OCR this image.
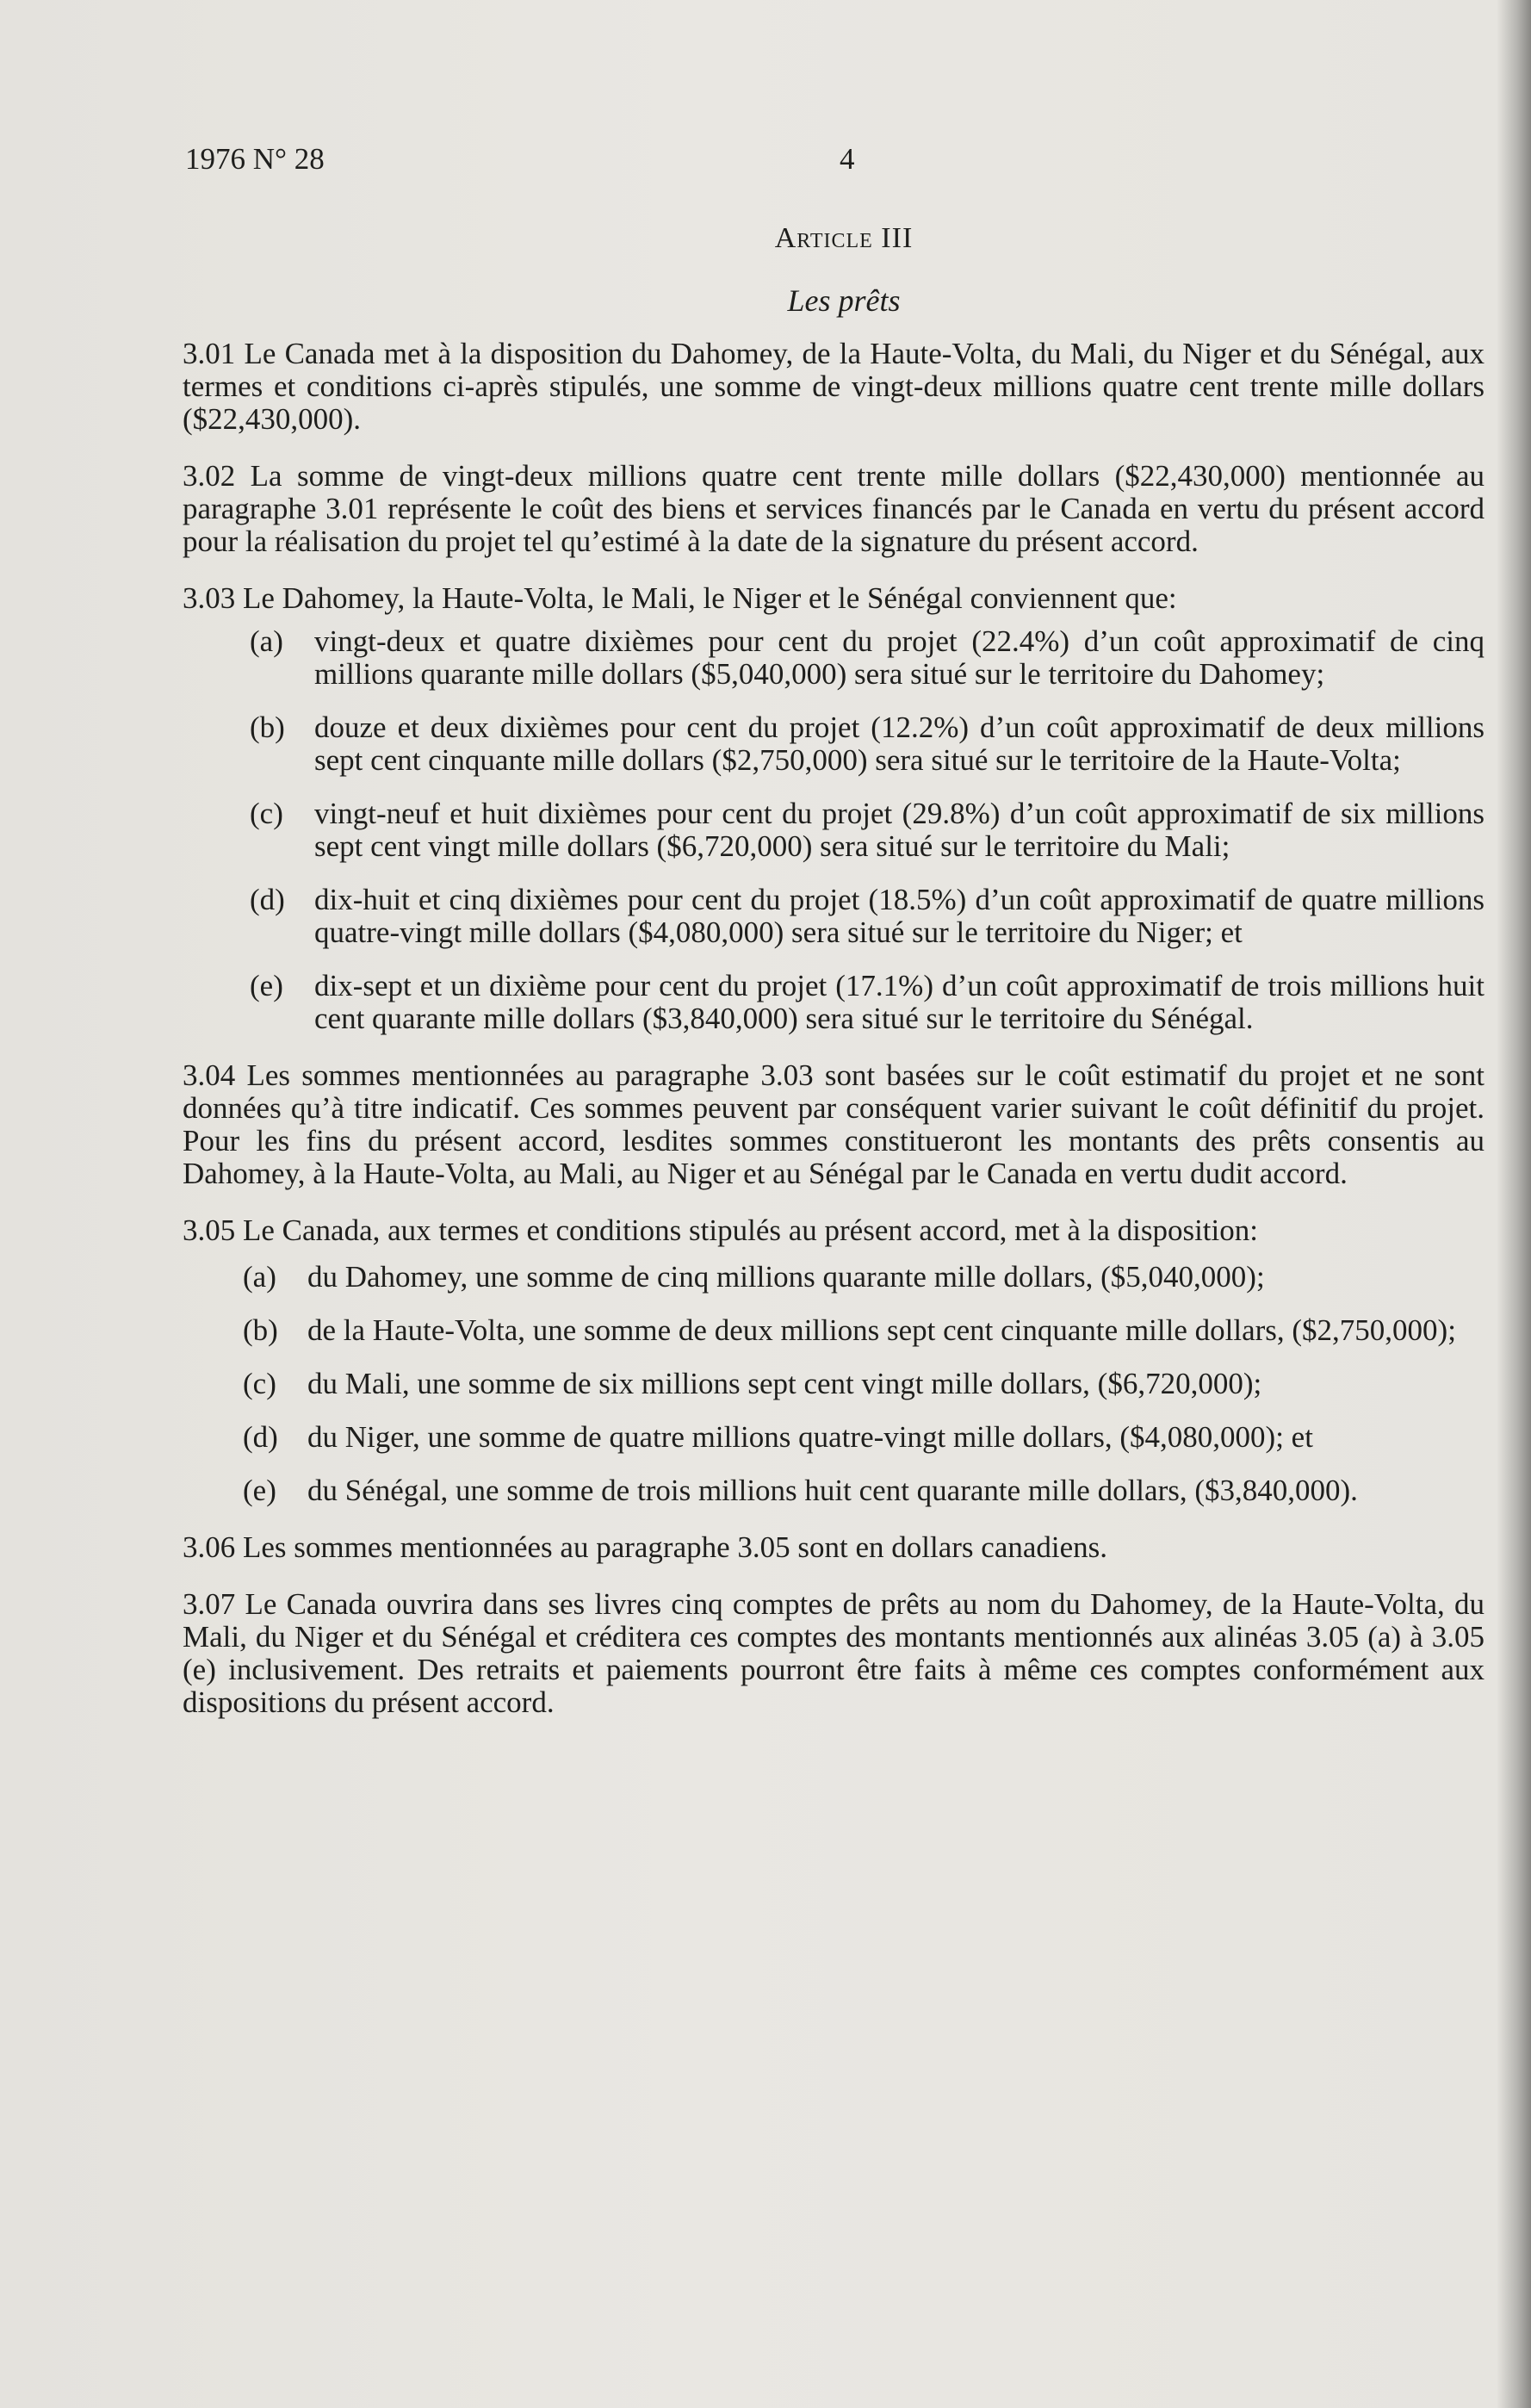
1976 N° 28	4
Article III
Les prêts

3.01 Le Canada met à la disposition du Dahomey, de la Haute-Volta, du Mali, du Niger et du Sénégal, aux termes et conditions ci-après stipulés, une somme de vingt-deux millions quatre cent trente mille dollars ($22,430,000).

3.02 La somme de vingt-deux millions quatre cent trente mille dollars ($22,430,000) mentionnée au paragraphe 3.01 représente le coût des biens et services financés par le Canada en vertu du présent accord pour la réalisation du projet tel qu’estimé à la date de la signature du présent accord.

3.03 Le Dahomey, la Haute-Volta, le Mali, le Niger et le Sénégal conviennent que:

(a)	vingt-deux et quatre dixièmes pour cent du projet (22.4%) d’un coût approximatif de cinq millions quarante mille dollars ($5,040,000) sera situé sur le territoire du Dahomey;
(b) douze et deux dixièmes pour cent du projet (12.2%) d’un coût approximatif de deux millions sept cent cinquante mille dollars ($2,750,000) sera situé sur le territoire de la Haute-Volta;
(c)	vingt-neuf et huit dixièmes pour cent du projet (29.8%) d’un coût approximatif de six millions sept cent vingt mille dollars ($6,720,000) sera situé sur le territoire du Mali;
(d) dix-huit et cinq dixièmes pour cent du projet (18.5%) d’un coût approximatif de quatre millions quatre-vingt mille dollars ($4,080,000) sera situé sur le territoire du Niger; et
(e)	dix-sept et un dixième pour cent du projet (17.1%) d’un coût approximatif de trois millions huit cent quarante mille dollars ($3,840,000) sera situé sur le territoire du Sénégal.

3.04 Les sommes mentionnées au paragraphe 3.03 sont basées sur le coût estimatif du projet et ne sont données qu’à titre indicatif. Ces sommes peuvent par conséquent varier suivant le coût définitif du projet. Pour les fins du présent accord, lesdites sommes constitueront les montants des prêts consentis au Dahomey, à la Haute-Volta, au Mali, au Niger et au Sénégal par le Canada en vertu dudit accord.

3.05 Le Canada, aux termes et conditions stipulés au présent accord, met à la disposition:

(a)	du Dahomey, une somme de cinq millions quarante mille dollars, ($5,040,000);
(b) de la Haute-Volta, une somme de deux millions sept cent cinquante mille dollars, ($2,750,000);
(c)	du Mali, une somme de six millions sept cent vingt mille dollars, ($6,720,000);
(d) du Niger, une somme de quatre millions quatre-vingt mille dollars, ($4,080,000); et
(e)	du Sénégal, une somme de trois millions huit cent quarante mille dollars, ($3,840,000).

3.06 Les sommes mentionnées au paragraphe 3.05 sont en dollars canadiens.

3.07 Le Canada ouvrira dans ses livres cinq comptes de prêts au nom du Dahomey, de la Haute-Volta, du Mali, du Niger et du Sénégal et créditera ces comptes des montants mentionnés aux alinéas 3.05 (a) à 3.05 (e) inclusivement. Des retraits et paiements pourront être faits à même ces comptes conformément aux dispositions du présent accord.
